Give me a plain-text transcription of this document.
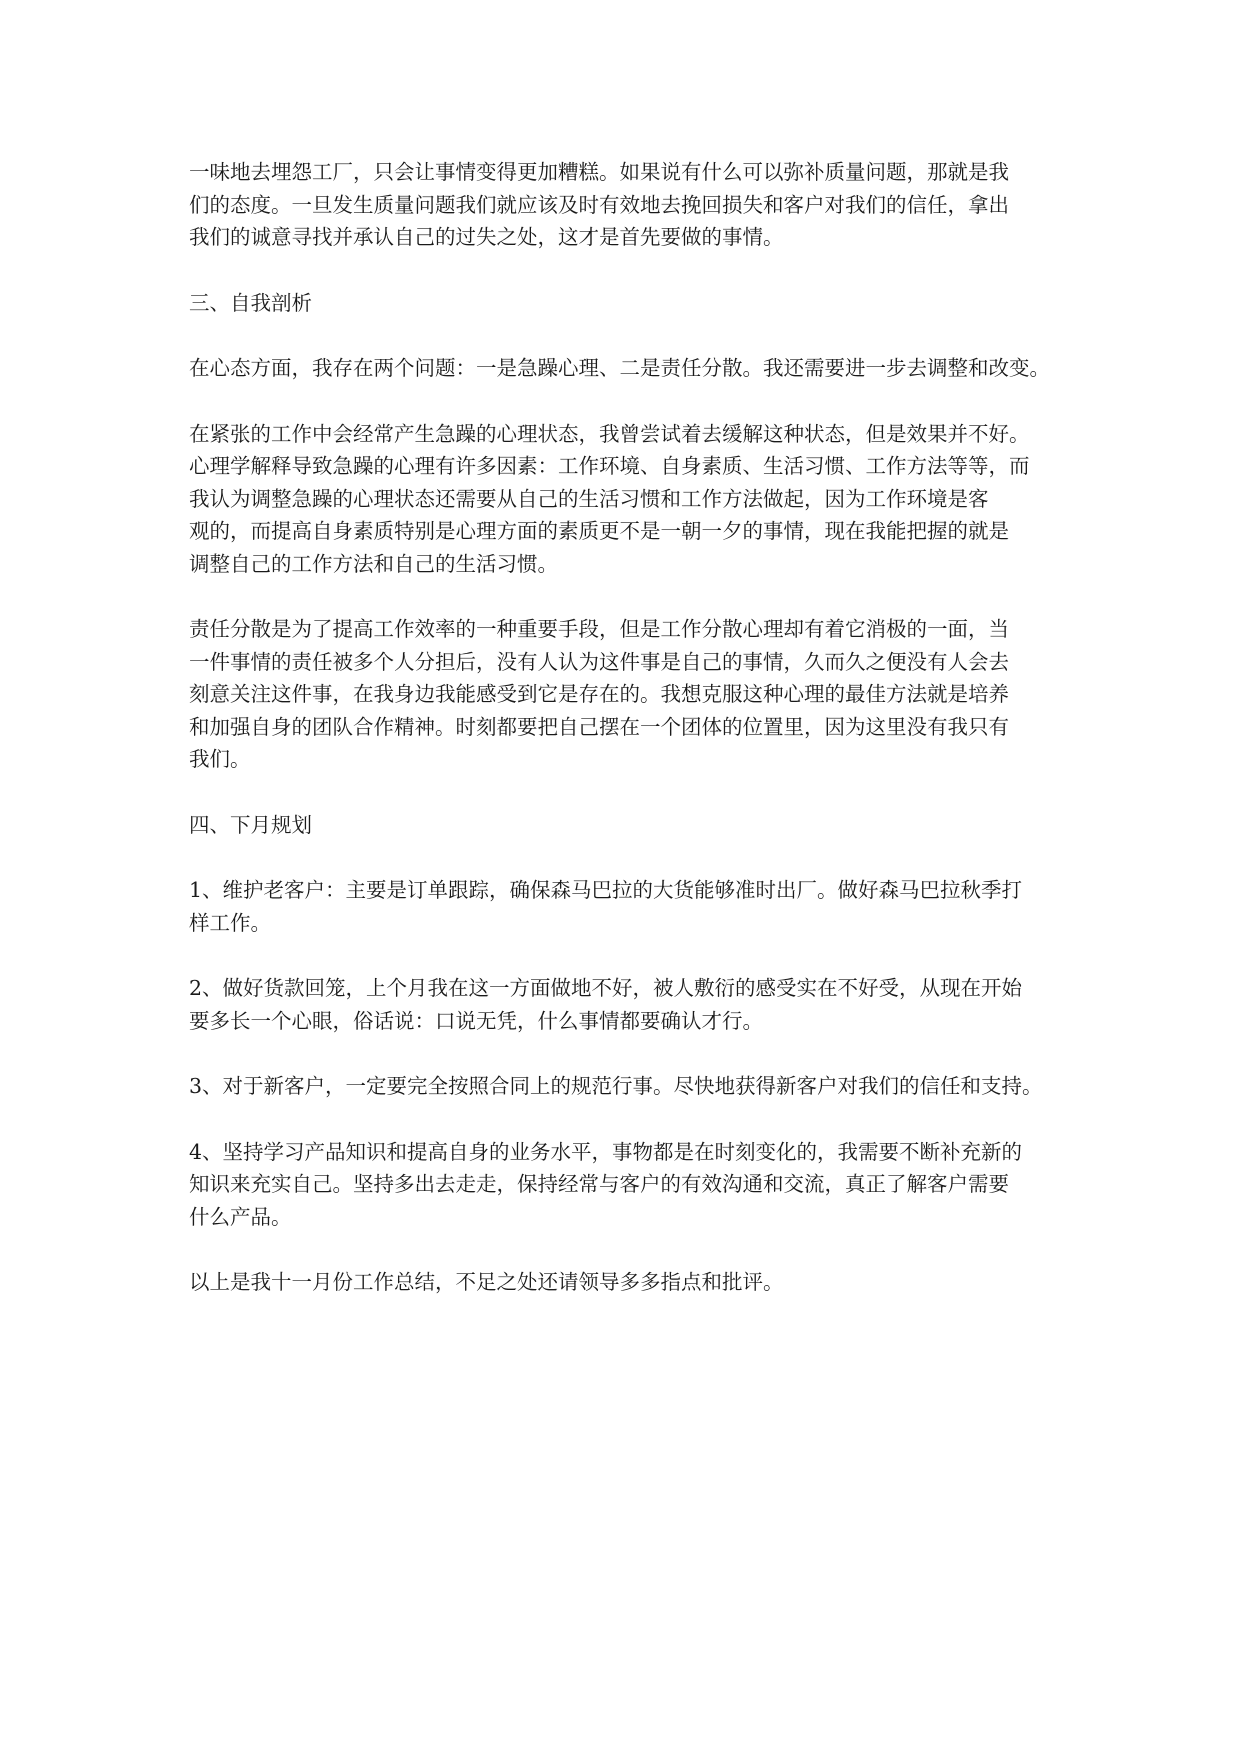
一味地去埋怨工厂，只会让事情变得更加糟糕。如果说有什么可以弥补质量问题，那就是我
们的态度。一旦发生质量问题我们就应该及时有效地去挽回损失和客户对我们的信任，拿出
我们的诚意寻找并承认自己的过失之处，这才是首先要做的事情。

三、自我剖析

在心态方面，我存在两个问题：一是急躁心理、二是责任分散。我还需要进一步去调整和改变。

在紧张的工作中会经常产生急躁的心理状态，我曾尝试着去缓解这种状态，但是效果并不好。
心理学解释导致急躁的心理有许多因素：工作环境、自身素质、生活习惯、工作方法等等，而
我认为调整急躁的心理状态还需要从自己的生活习惯和工作方法做起，因为工作环境是客
观的，而提高自身素质特别是心理方面的素质更不是一朝一夕的事情，现在我能把握的就是
调整自己的工作方法和自己的生活习惯。

责任分散是为了提高工作效率的一种重要手段，但是工作分散心理却有着它消极的一面，当
一件事情的责任被多个人分担后，没有人认为这件事是自己的事情，久而久之便没有人会去
刻意关注这件事，在我身边我能感受到它是存在的。我想克服这种心理的最佳方法就是培养
和加强自身的团队合作精神。时刻都要把自己摆在一个团体的位置里，因为这里没有我只有
我们。

四、下月规划

1、维护老客户：主要是订单跟踪，确保森马巴拉的大货能够准时出厂。做好森马巴拉秋季打
样工作。

2、做好货款回笼，上个月我在这一方面做地不好，被人敷衍的感受实在不好受，从现在开始
要多长一个心眼，俗话说：口说无凭，什么事情都要确认才行。

3、对于新客户，一定要完全按照合同上的规范行事。尽快地获得新客户对我们的信任和支持。

4、坚持学习产品知识和提高自身的业务水平，事物都是在时刻变化的，我需要不断补充新的
知识来充实自己。坚持多出去走走，保持经常与客户的有效沟通和交流，真正了解客户需要
什么产品。

以上是我十一月份工作总结，不足之处还请领导多多指点和批评。
